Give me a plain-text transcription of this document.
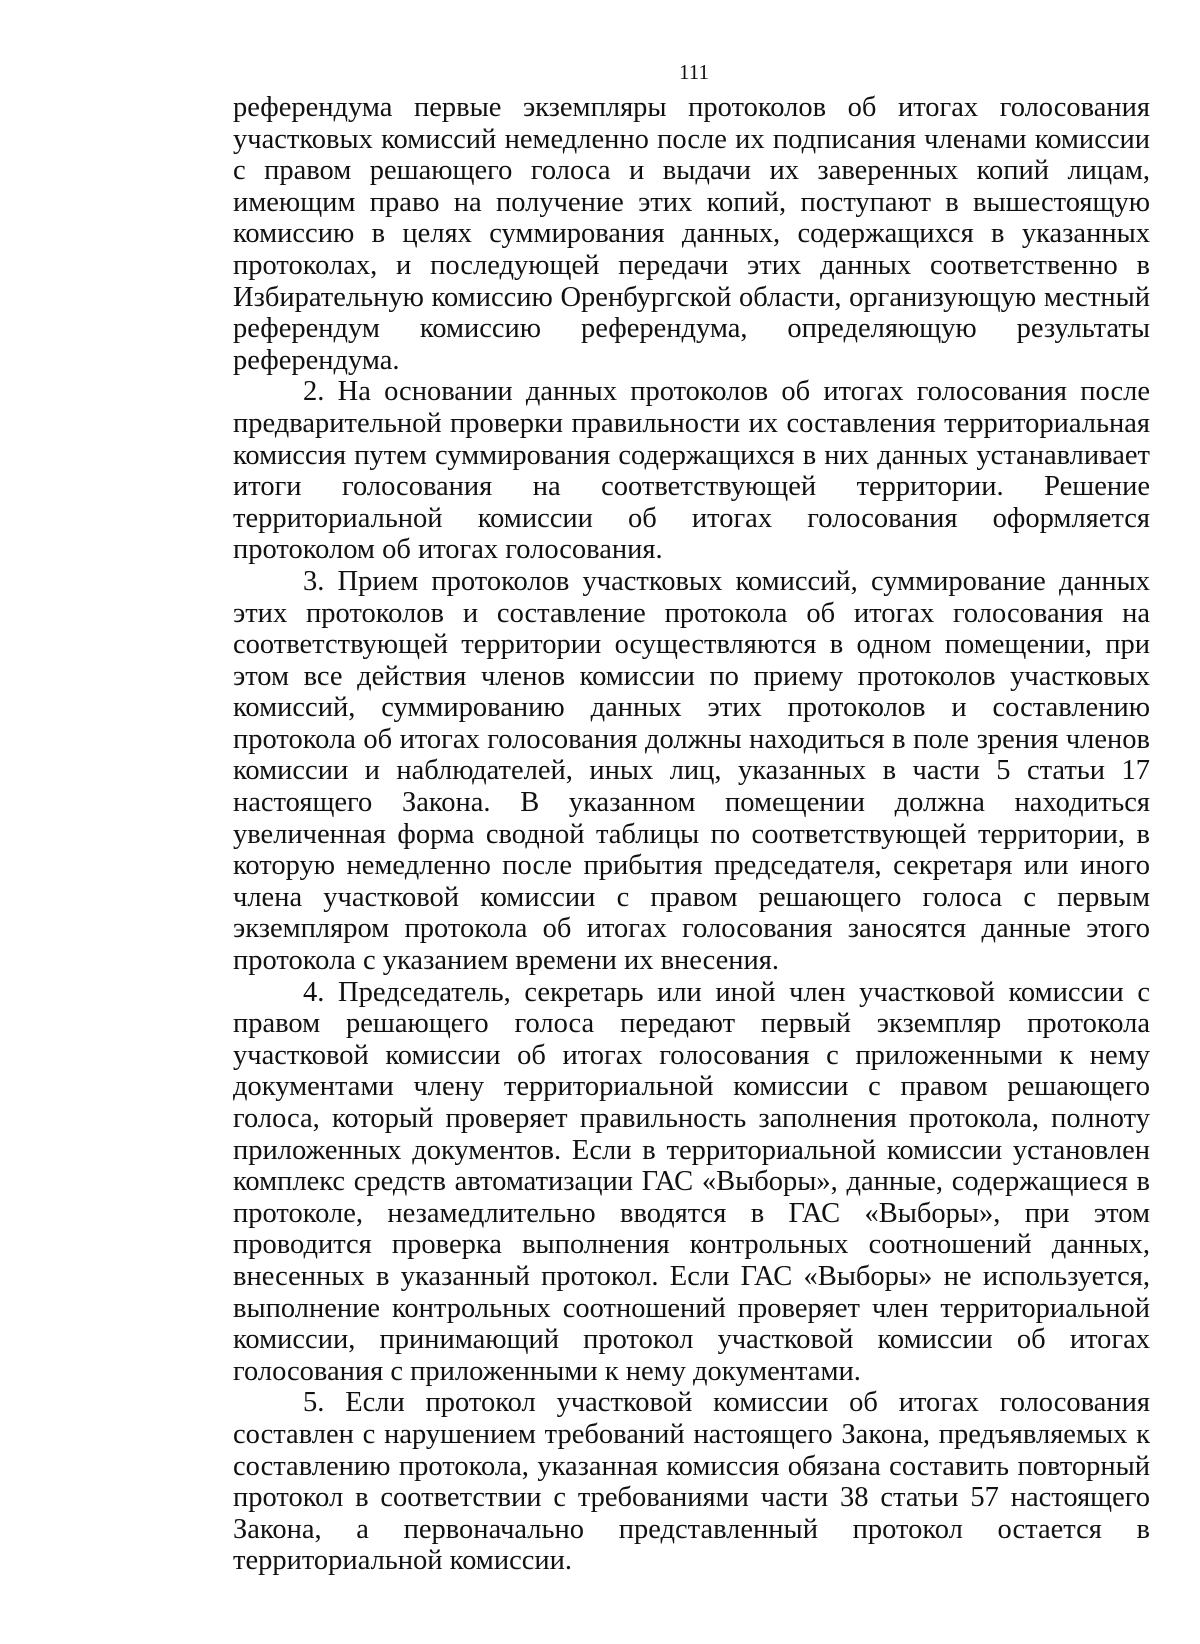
111

референдума первые экземпляры протоколов об итогах голосования участковых комиссий немедленно после их подписания членами комиссии с правом решающего голоса и выдачи их заверенных копий лицам, имеющим право на получение этих копий, поступают в вышестоящую комиссию в целях суммирования данных, содержащихся в указанных протоколах, и последующей передачи этих данных соответственно в Избирательную комиссию Оренбургской области, организующую местный референдум комиссию референдума, определяющую результаты референдума.

2. На основании данных протоколов об итогах голосования после предварительной проверки правильности их составления территориальная комиссия путем суммирования содержащихся в них данных устанавливает итоги голосования на соответствующей территории. Решение территориальной комиссии об итогах голосования оформляется протоколом об итогах голосования.

3. Прием протоколов участковых комиссий, суммирование данных этих протоколов и составление протокола об итогах голосования на соответствующей территории осуществляются в одном помещении, при этом все действия членов комиссии по приему протоколов участковых комиссий, суммированию данных этих протоколов и составлению протокола об итогах голосования должны находиться в поле зрения членов комиссии и наблюдателей, иных лиц, указанных в части 5 статьи 17 настоящего Закона. В указанном помещении должна находиться увеличенная форма сводной таблицы по соответствующей территории, в которую немедленно после прибытия председателя, секретаря или иного члена участковой комиссии с правом решающего голоса с первым экземпляром протокола об итогах голосования заносятся данные этого протокола с указанием времени их внесения.

4. Председатель, секретарь или иной член участковой комиссии с правом решающего голоса передают первый экземпляр протокола участковой комиссии об итогах голосования с приложенными к нему документами члену территориальной комиссии с правом решающего голоса, который проверяет правильность заполнения протокола, полноту приложенных документов. Если в территориальной комиссии установлен комплекс средств автоматизации ГАС «Выборы», данные, содержащиеся в протоколе, незамедлительно вводятся в ГАС «Выборы», при этом проводится проверка выполнения контрольных соотношений данных, внесенных в указанный протокол. Если ГАС «Выборы» не используется, выполнение контрольных соотношений проверяет член территориальной комиссии, принимающий протокол участковой комиссии об итогах голосования с приложенными к нему документами.

5. Если протокол участковой комиссии об итогах голосования составлен с нарушением требований настоящего Закона, предъявляемых к составлению протокола, указанная комиссия обязана составить повторный протокол в соответствии с требованиями части 38 статьи 57 настоящего Закона, а первоначально представленный протокол остается в территориальной комиссии.
